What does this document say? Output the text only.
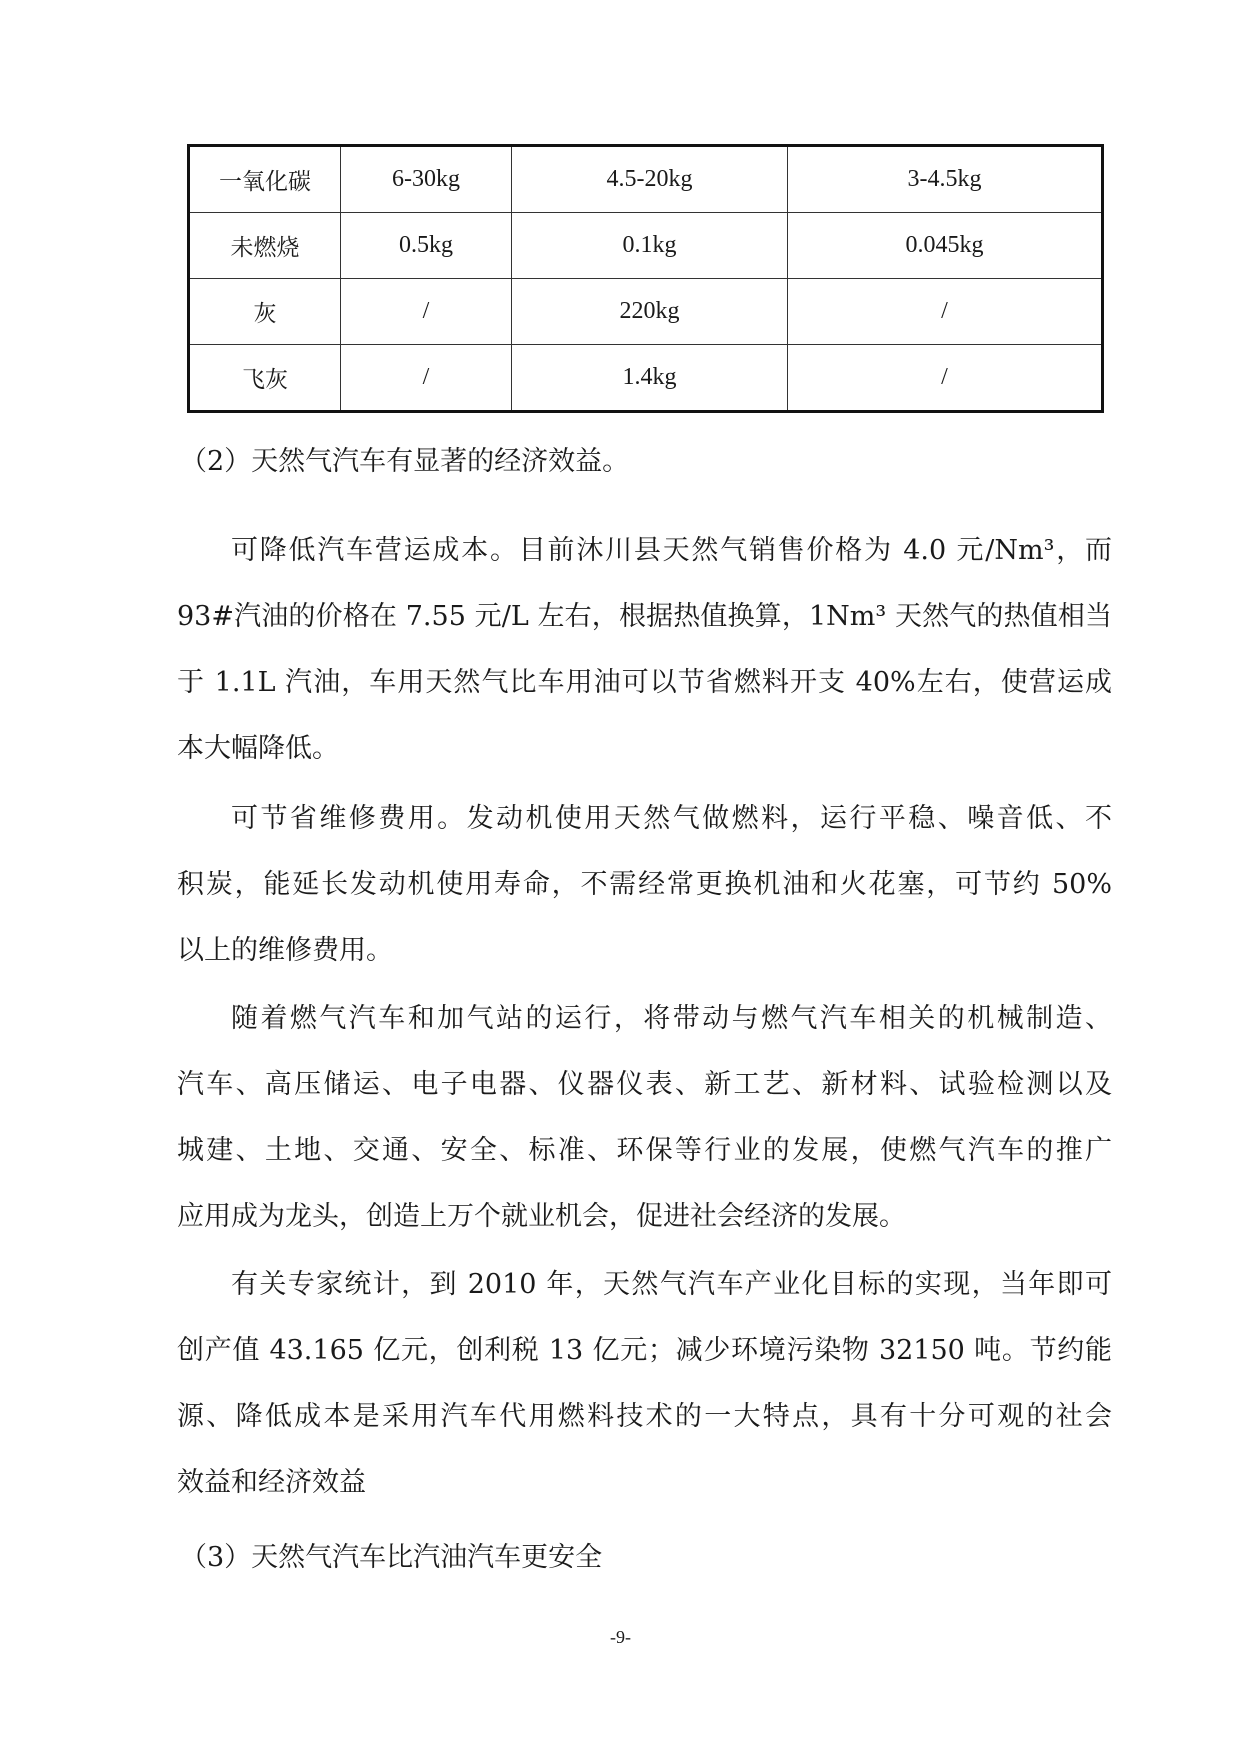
一氧化碳	6-30kg	4.5-20kg	3-4.5kg
未燃烧	0.5kg	0.1kg	0.045kg
灰	/	220kg	/
飞灰	/	1.4kg	/
（2）天然气汽车有显著的经济效益。
可降低汽车营运成本。目前沐川县天然气销售价格为 4.0 元/Nm³，而
93#汽油的价格在 7.55 元/L 左右，根据热值换算，1Nm³ 天然气的热值相当
于 1.1L 汽油，车用天然气比车用油可以节省燃料开支 40%左右，使营运成
本大幅降低。
可节省维修费用。发动机使用天然气做燃料，运行平稳、噪音低、不
积炭，能延长发动机使用寿命，不需经常更换机油和火花塞，可节约 50%
以上的维修费用。
随着燃气汽车和加气站的运行，将带动与燃气汽车相关的机械制造、
汽车、高压储运、电子电器、仪器仪表、新工艺、新材料、试验检测以及
城建、土地、交通、安全、标准、环保等行业的发展，使燃气汽车的推广
应用成为龙头，创造上万个就业机会，促进社会经济的发展。
有关专家统计，到 2010 年，天然气汽车产业化目标的实现，当年即可
创产值 43.165 亿元，创利税 13 亿元；减少环境污染物 32150 吨。节约能
源、降低成本是采用汽车代用燃料技术的一大特点，具有十分可观的社会
效益和经济效益
（3）天然气汽车比汽油汽车更安全
-9-
